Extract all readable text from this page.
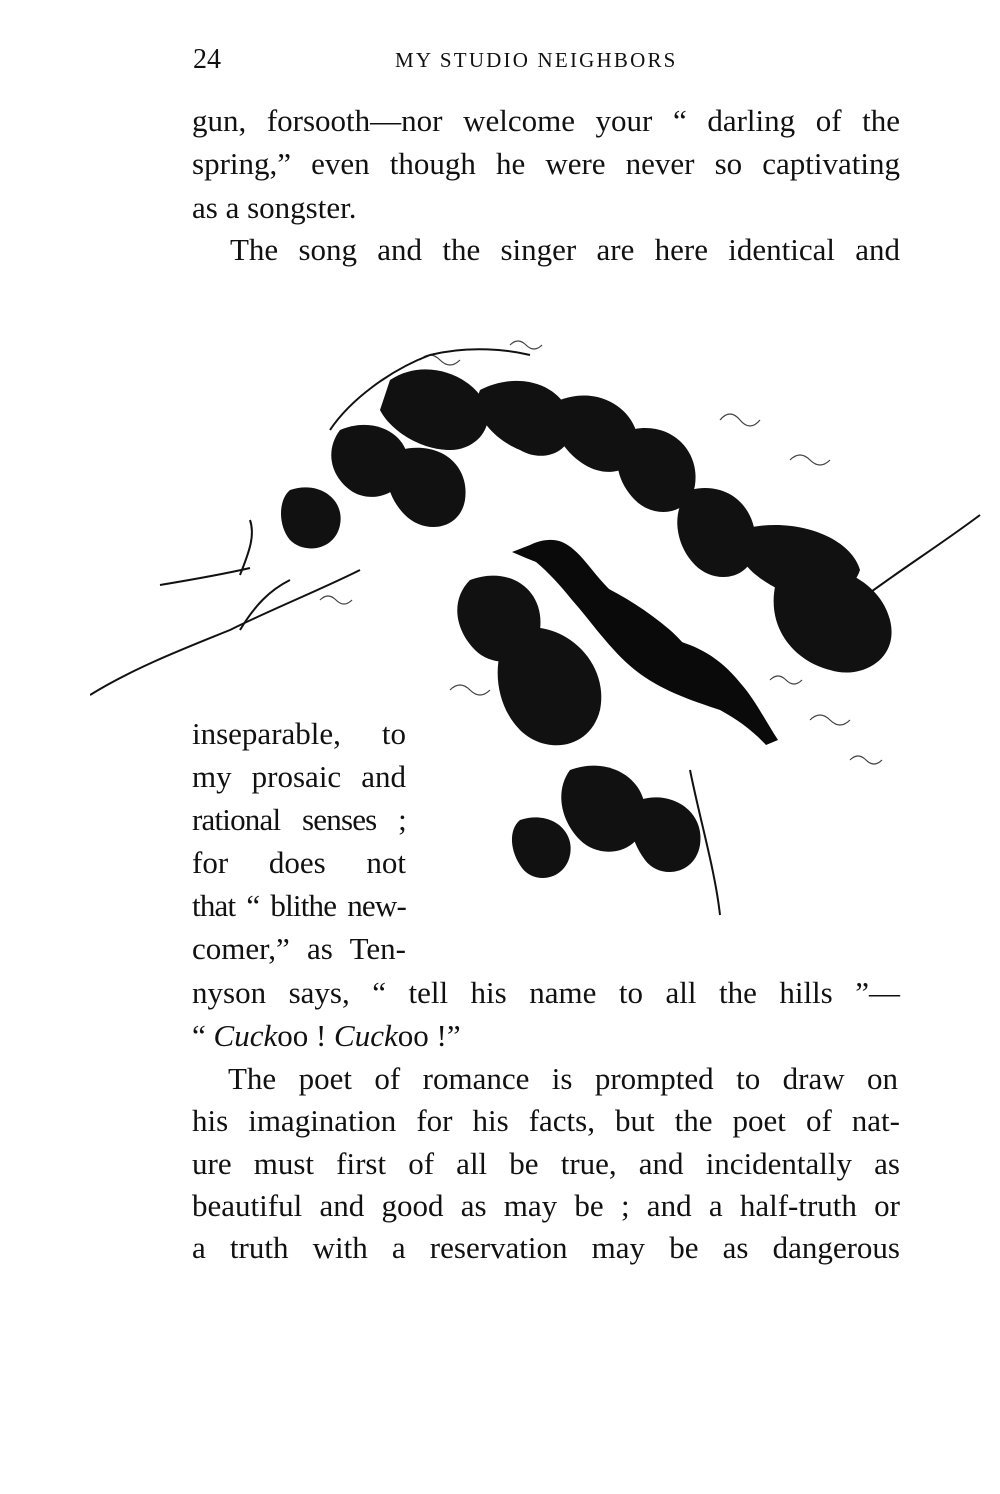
24	MY STUDIO NEIGHBORS
gun, forsooth—nor welcome your “ darling of the
spring,” even though he were never so captivating
as a songster.
The song and the singer are here identical and
inseparable, to
my prosaic and
rational senses ;
for does not
that “ blithe new-
comer,” as Ten-
nyson says, “ tell his name to all the hills ”—
“ Cuckoo ! Cuckoo !”
The poet of romance is prompted to draw on
his imagination for his facts, but the poet of nat-
ure must first of all be true, and incidentally as
beautiful and good as may be ; and a half-truth or
a truth with a reservation may be as dangerous
